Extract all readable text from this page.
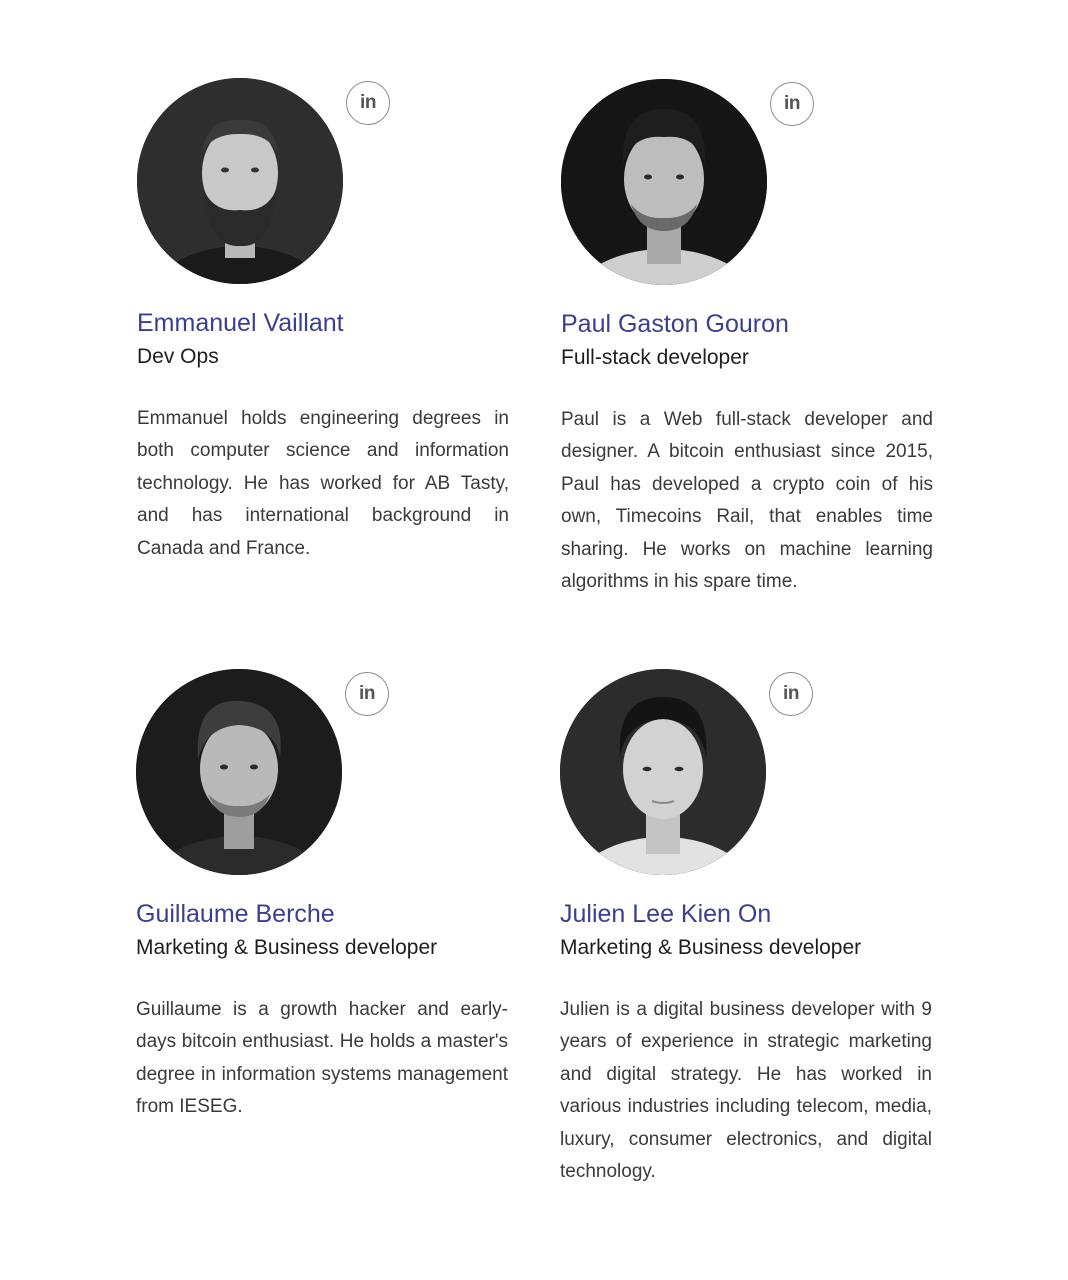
in
Emmanuel Vaillant
Dev Ops

Emmanuel holds engineering degrees in both computer science and information technology. He has worked for AB Tasty, and has international background in Canada and France.

in
Paul Gaston Gouron
Full-stack developer

Paul is a Web full-stack developer and designer. A bitcoin enthusiast since 2015, Paul has developed a crypto coin of his own, Timecoins Rail, that enables time sharing. He works on machine learning algorithms in his spare time.

in
Guillaume Berche
Marketing & Business developer

Guillaume is a growth hacker and early-days bitcoin enthusiast. He holds a master's degree in information systems management from IESEG.

in
Julien Lee Kien On
Marketing & Business developer

Julien is a digital business developer with 9 years of experience in strategic marketing and digital strategy. He has worked in various industries including telecom, media, luxury, consumer electronics, and digital technology.
